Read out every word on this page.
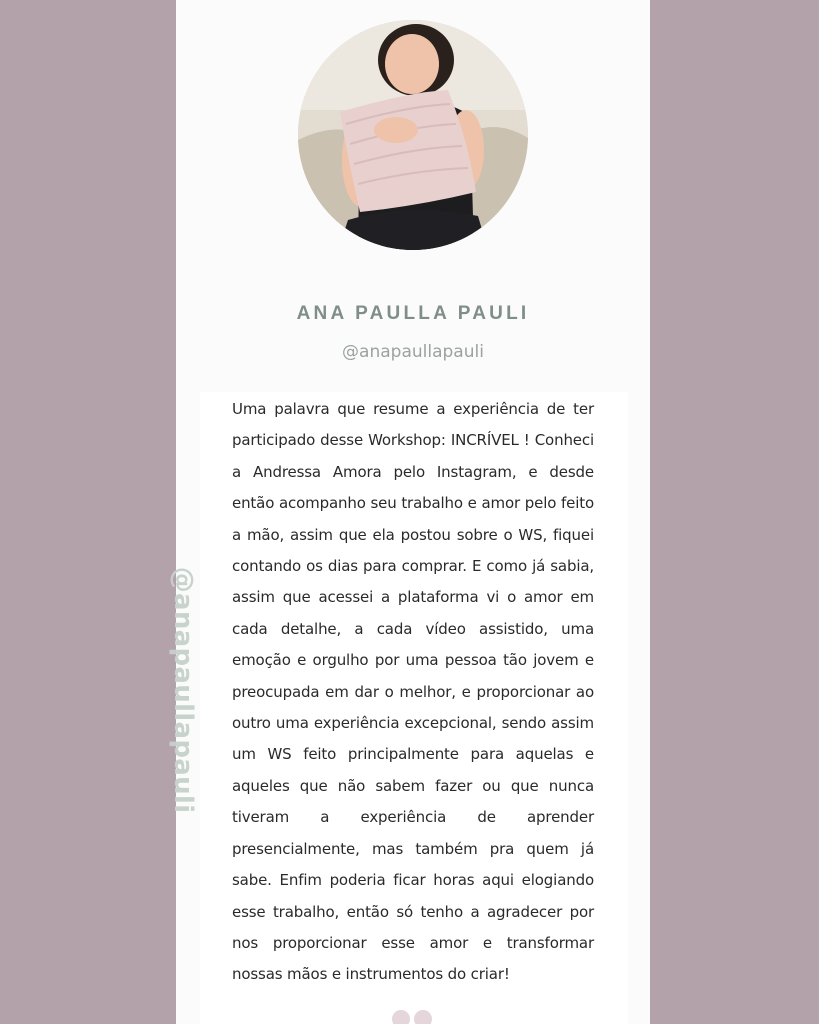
ANA PAULLA PAULI
@anapaullapauli

Uma palavra que resume a experiência de ter participado desse Workshop: INCRÍVEL ! Conheci a Andressa Amora pelo Instagram, e desde então acompanho seu trabalho e amor pelo feito a mão, assim que ela postou sobre o WS, fiquei contando os dias para comprar. E como já sabia, assim que acessei a plataforma vi o amor em cada detalhe, a cada vídeo assistido, uma emoção e orgulho por uma pessoa tão jovem e preocupada em dar o melhor, e proporcionar ao outro uma experiência excepcional, sendo assim um WS feito principalmente para aquelas e aqueles que não sabem fazer ou que nunca tiveram a experiência de aprender presencialmente, mas também pra quem já sabe. Enfim poderia ficar horas aqui elogiando esse trabalho, então só tenho a agradecer por nos proporcionar esse amor e transformar nossas mãos e instrumentos do criar!

@anapaullapauli
